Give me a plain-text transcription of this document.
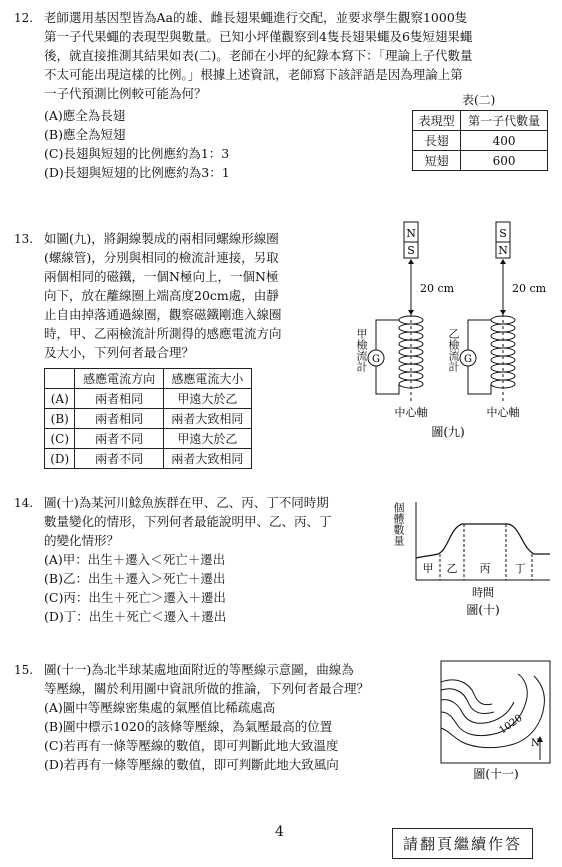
12. 老師選用基因型皆為Aa的雄、雌長翅果蠅進行交配，並要求學生觀察1000隻
第一子代果蠅的表現型與數量。已知小坪僅觀察到4隻長翅果蠅及6隻短翅果蠅
後，就直接推測其結果如表(二)。老師在小坪的紀錄本寫下：「理論上子代數量
不太可能出現這樣的比例。」根據上述資訊，老師寫下該評語是因為理論上第
一子代預測比例較可能為何？
(A)應全為長翅
(B)應全為短翅
(C)長翅與短翅的比例應約為1：3
(D)長翅與短翅的比例應約為3：1
表(二)
表現型	第一子代數量
長翅	400
短翅	600
13. 如圖(九)，將銅線製成的兩相同螺線形線圈
(螺線管)，分別與相同的檢流計連接，另取
兩個相同的磁鐵，一個N極向上，一個N極
向下，放在離線圈上端高度20cm處，由靜
止自由掉落通過線圈，觀察磁鐵剛進入線圈
時，甲、乙兩檢流計所測得的感應電流方向
及大小，下列何者最合理？
	感應電流方向	感應電流大小
(A)	兩者相同	甲遠大於乙
(B)	兩者相同	兩者大致相同
(C)	兩者不同	甲遠大於乙
(D)	兩者不同	兩者大致相同
N
S
S
N
20 cm	20 cm
G	G
中心軸	中心軸
圖(九)
甲檢流計	乙檢流計
14. 圖(十)為某河川鯰魚族群在甲、乙、丙、丁不同時期
數量變化的情形，下列何者最能說明甲、乙、丙、丁
的變化情形？
(A)甲：出生＋遷入＜死亡＋遷出
(B)乙：出生＋遷入＞死亡＋遷出
(C)丙：出生＋死亡＞遷入＋遷出
(D)丁：出生＋死亡＜遷入＋遷出
個體數量
甲 乙 丙 丁
時間
圖(十)
15. 圖(十一)為北半球某處地面附近的等壓線示意圖，曲線為
等壓線，關於利用圖中資訊所做的推論，下列何者最合理？
(A)圖中等壓線密集處的氣壓值比稀疏處高
(B)圖中標示1020的該條等壓線，為氣壓最高的位置
(C)若再有一條等壓線的數值，即可判斷此地大致溫度
(D)若再有一條等壓線的數值，即可判斷此地大致風向
1020
N
圖(十一)
4
請翻頁繼續作答
